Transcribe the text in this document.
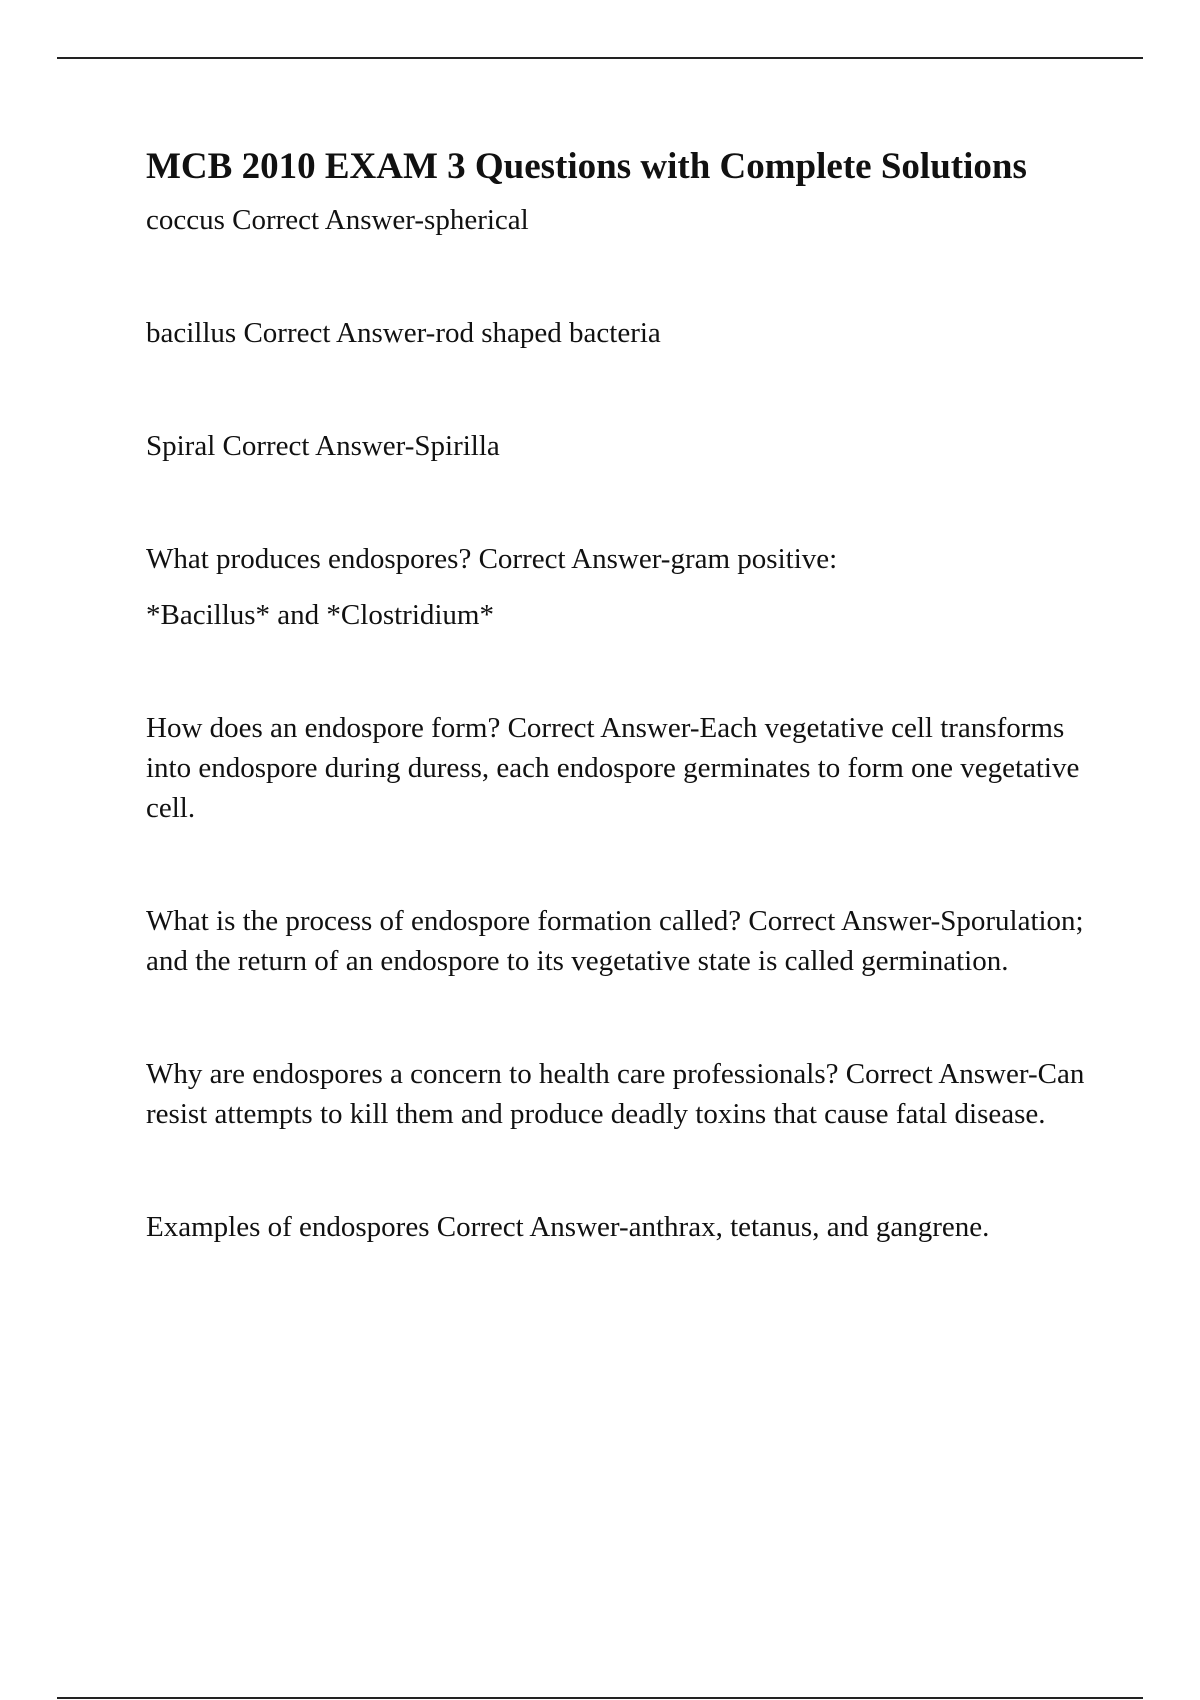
MCB 2010 EXAM 3 Questions with Complete Solutions

coccus Correct Answer-spherical

bacillus Correct Answer-rod shaped bacteria

Spiral Correct Answer-Spirilla

What produces endospores? Correct Answer-gram positive:

*Bacillus* and *Clostridium*

How does an endospore form? Correct Answer-Each vegetative cell transforms into endospore during duress, each endospore germinates to form one vegetative cell.

What is the process of endospore formation called? Correct Answer-Sporulation; and the return of an endospore to its vegetative state is called germination.

Why are endospores a concern to health care professionals? Correct Answer-Can resist attempts to kill them and produce deadly toxins that cause fatal disease.

Examples of endospores Correct Answer-anthrax, tetanus, and gangrene.
